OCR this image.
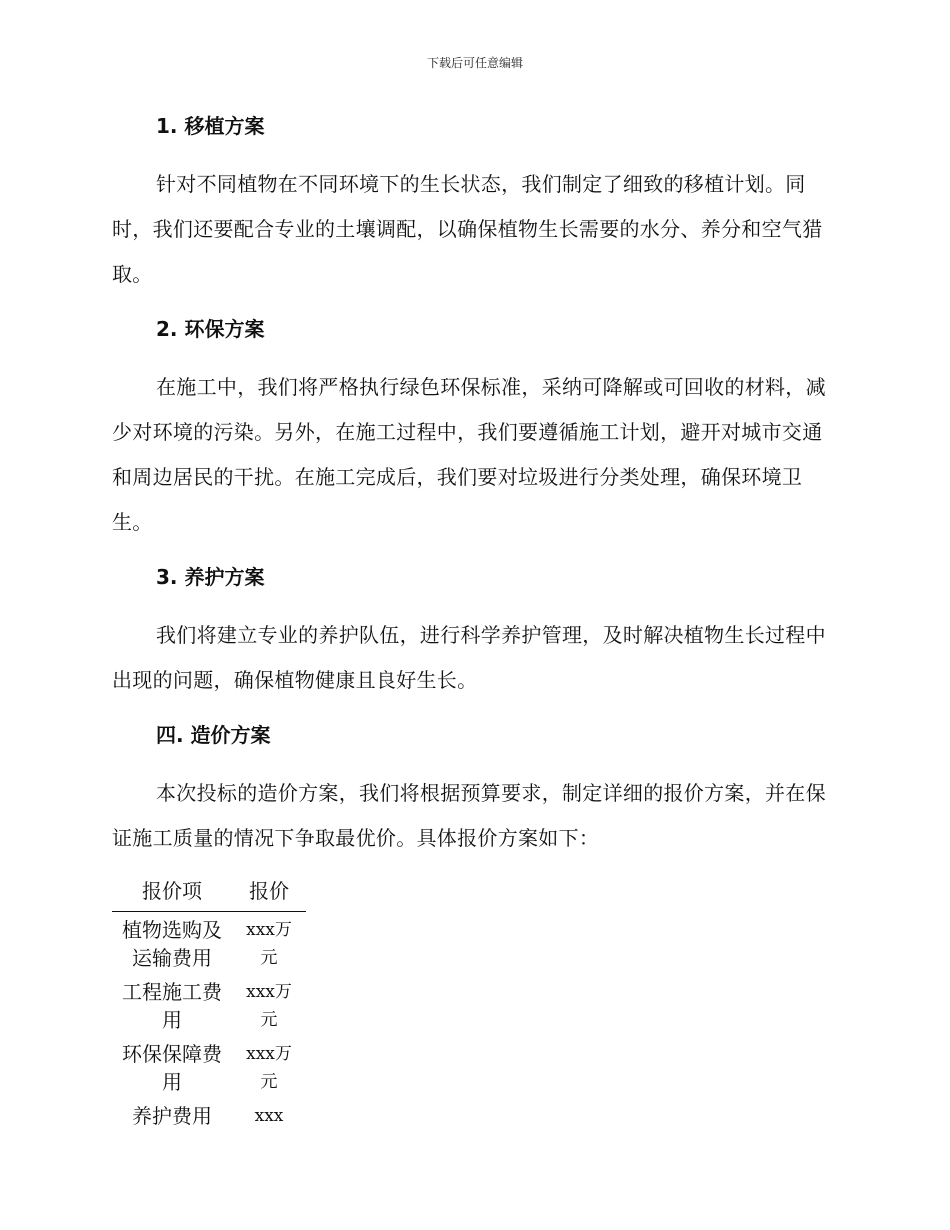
下载后可任意编辑
1. 移植方案
针对不同植物在不同环境下的生长状态，我们制定了细致的移植计划。同时，我们还要配合专业的土壤调配，以确保植物生长需要的水分、养分和空气猎取。
2. 环保方案
在施工中，我们将严格执行绿色环保标准，采纳可降解或可回收的材料，减少对环境的污染。另外，在施工过程中，我们要遵循施工计划，避开对城市交通和周边居民的干扰。在施工完成后，我们要对垃圾进行分类处理，确保环境卫生。
3. 养护方案
我们将建立专业的养护队伍，进行科学养护管理，及时解决植物生长过程中出现的问题，确保植物健康且良好生长。
四. 造价方案
本次投标的造价方案，我们将根据预算要求，制定详细的报价方案，并在保证施工质量的情况下争取最优价。具体报价方案如下：
报价项	报价
植物选购及运输费用	xxx万元
工程施工费用	xxx万元
环保保障费用	xxx万元
养护费用	xxx
